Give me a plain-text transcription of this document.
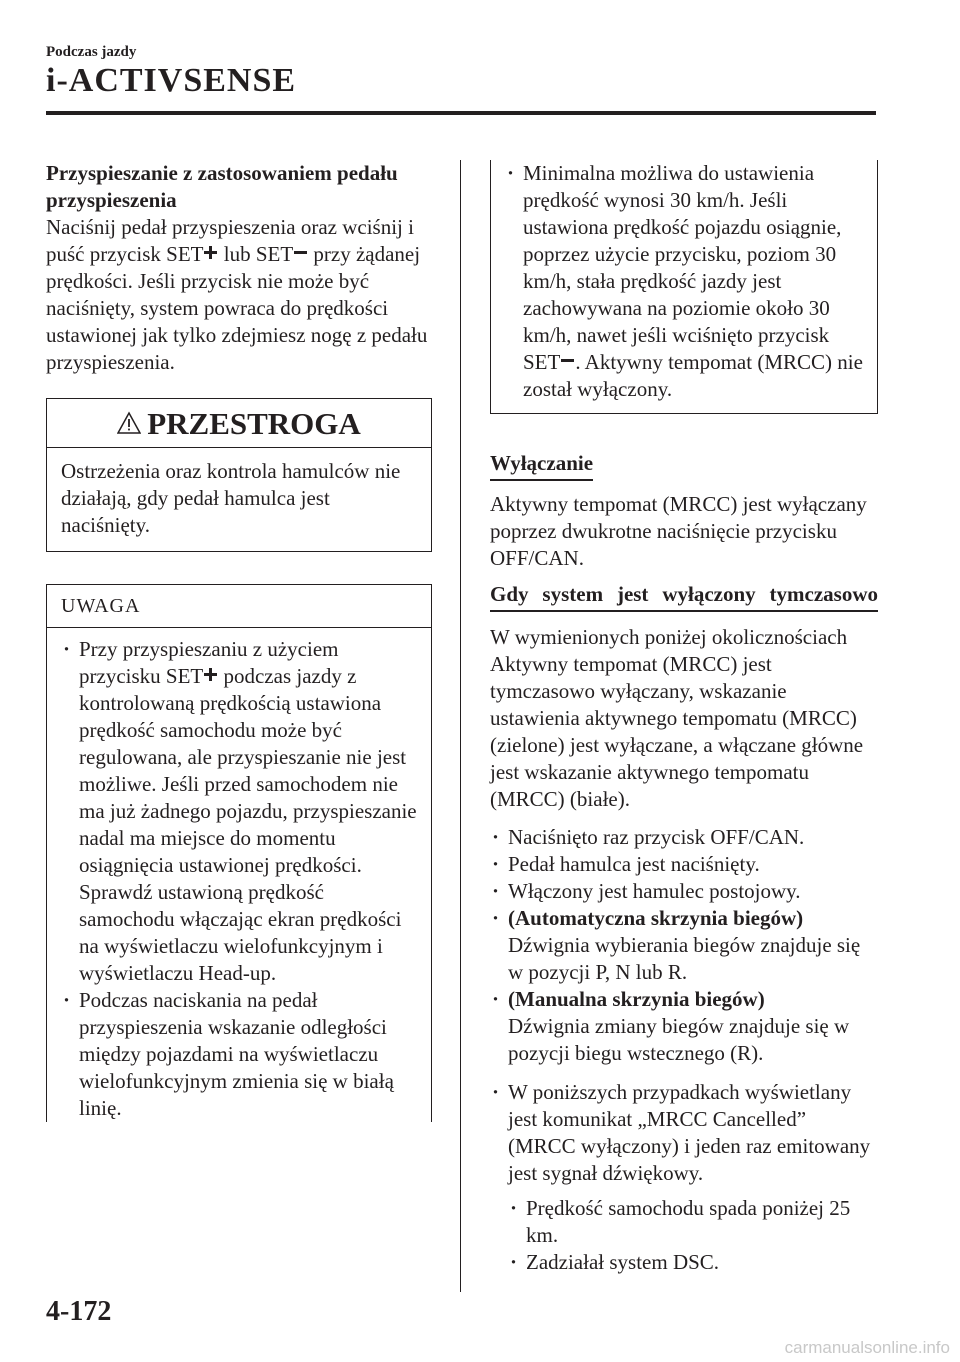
Podczas jazdy
i-ACTIVSENSE

Przyspieszanie z zastosowaniem pedału przyspieszenia

Naciśnij pedał przyspieszenia oraz wciśnij i puść przycisk SET lub SET przy żądanej prędkości. Jeśli przycisk nie może być naciśnięty, system powraca do prędkości ustawionej jak tylko zdejmiesz nogę z pedału przyspieszenia.

PRZESTROGA
Ostrzeżenia oraz kontrola hamulców nie działają, gdy pedał hamulca jest naciśnięty.
UWAGA

· Przy przyspieszaniu z użyciem przycisku SET podczas jazdy z kontrolowaną prędkością ustawiona prędkość samochodu może być regulowana, ale przyspieszanie nie jest możliwe. Jeśli przed samochodem nie ma już żadnego pojazdu, przyspieszanie nadal ma miejsce do momentu osiągnięcia ustawionej prędkości. Sprawdź ustawioną prędkość samochodu włączając ekran prędkości na wyświetlaczu wielofunkcyjnym i wyświetlaczu Head-up.

· Podczas naciskania na pedał przyspieszenia wskazanie odległości między pojazdami na wyświetlaczu wielofunkcyjnym zmienia się w białą linię.

· Minimalna możliwa do ustawienia prędkość wynosi 30 km/h. Jeśli ustawiona prędkość pojazdu osiągnie, poprzez użycie przycisku, poziom 30 km/h, stała prędkość jazdy jest zachowywana na poziomie około 30 km/h, nawet jeśli wciśnięto przycisk SET . Aktywny tempomat (MRCC) nie został wyłączony.

Wyłączanie

Aktywny tempomat (MRCC) jest wyłączany poprzez dwukrotne naciśnięcie przycisku OFF/CAN.

Gdy system jest wyłączony tymczasowo

W wymienionych poniżej okolicznościach Aktywny tempomat (MRCC) jest tymczasowo wyłączany, wskazanie ustawienia aktywnego tempomatu (MRCC) (zielone) jest wyłączane, a włączane główne jest wskazanie aktywnego tempomatu (MRCC) (białe).

· Naciśnięto raz przycisk OFF/CAN.

· Pedał hamulca jest naciśnięty.

· Włączony jest hamulec postojowy.

· (Automatyczna skrzynia biegów)
Dźwignia wybierania biegów znajduje się w pozycji P, N lub R.

· (Manualna skrzynia biegów)
Dźwignia zmiany biegów znajduje się w pozycji biegu wstecznego (R).

· W poniższych przypadkach wyświetlany jest komunikat „MRCC Cancelled” (MRCC wyłączony) i jeden raz emitowany jest sygnał dźwiękowy.

· Prędkość samochodu spada poniżej 25 km.

· Zadziałał system DSC.

4-172
carmanualsonline.info
